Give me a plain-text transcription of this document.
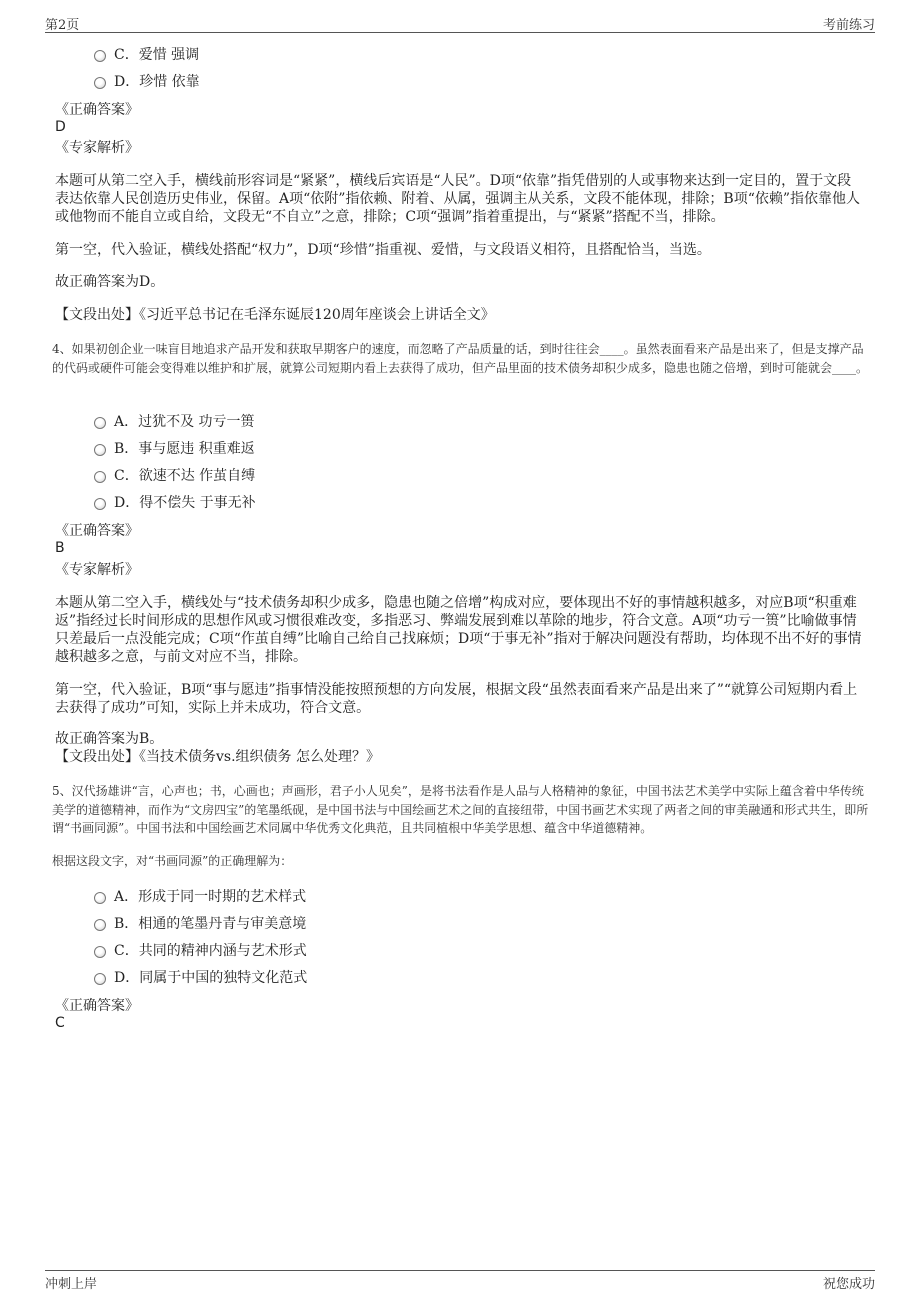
第2页	考前练习
C．爱惜 强调
D．珍惜 依靠
《正确答案》
D
《专家解析》
本题可从第二空入手，横线前形容词是“紧紧”，横线后宾语是“人民”。D项“依靠”指凭借别的人或事物来达到一定目的，置于文段表达依靠人民创造历史伟业，保留。A项“依附”指依赖、附着、从属，强调主从关系，文段不能体现，排除；B项“依赖”指依靠他人或他物而不能自立或自给，文段无“不自立”之意，排除；C项“强调”指着重提出，与“紧紧”搭配不当，排除。
第一空，代入验证，横线处搭配“权力”，D项“珍惜”指重视、爱惜，与文段语义相符，且搭配恰当，当选。
故正确答案为D。
【文段出处】《习近平总书记在毛泽东诞辰120周年座谈会上讲话全文》
4、如果初创企业一味盲目地追求产品开发和获取早期客户的速度，而忽略了产品质量的话，到时往往会____。虽然表面看来产品是出来了，但是支撑产品的代码或硬件可能会变得难以维护和扩展，就算公司短期内看上去获得了成功，但产品里面的技术债务却积少成多，隐患也随之倍增，到时可能就会____。
A．过犹不及 功亏一篑
B．事与愿违 积重难返
C．欲速不达 作茧自缚
D．得不偿失 于事无补
《正确答案》
B
《专家解析》
本题从第二空入手，横线处与“技术债务却积少成多，隐患也随之倍增”构成对应，要体现出不好的事情越积越多，对应B项“积重难返”指经过长时间形成的思想作风或习惯很难改变，多指恶习、弊端发展到难以革除的地步，符合文意。A项“功亏一篑”比喻做事情只差最后一点没能完成；C项“作茧自缚”比喻自己给自己找麻烦；D项“于事无补”指对于解决问题没有帮助，均体现不出不好的事情越积越多之意，与前文对应不当，排除。
第一空，代入验证，B项“事与愿违”指事情没能按照预想的方向发展，根据文段“虽然表面看来产品是出来了”“就算公司短期内看上去获得了成功”可知，实际上并未成功，符合文意。
故正确答案为B。
【文段出处】《当技术债务vs.组织债务 怎么处理？》
5、汉代扬雄讲“言，心声也；书，心画也；声画形，君子小人见矣”，是将书法看作是人品与人格精神的象征，中国书法艺术美学中实际上蕴含着中华传统美学的道德精神，而作为“文房四宝”的笔墨纸砚，是中国书法与中国绘画艺术之间的直接纽带，中国书画艺术实现了两者之间的审美融通和形式共生，即所谓“书画同源”。中国书法和中国绘画艺术同属中华优秀文化典范，且共同植根中华美学思想、蕴含中华道德精神。
根据这段文字，对“书画同源”的正确理解为：
A．形成于同一时期的艺术样式
B．相通的笔墨丹青与审美意境
C．共同的精神内涵与艺术形式
D．同属于中国的独特文化范式
《正确答案》
C
冲刺上岸	祝您成功
